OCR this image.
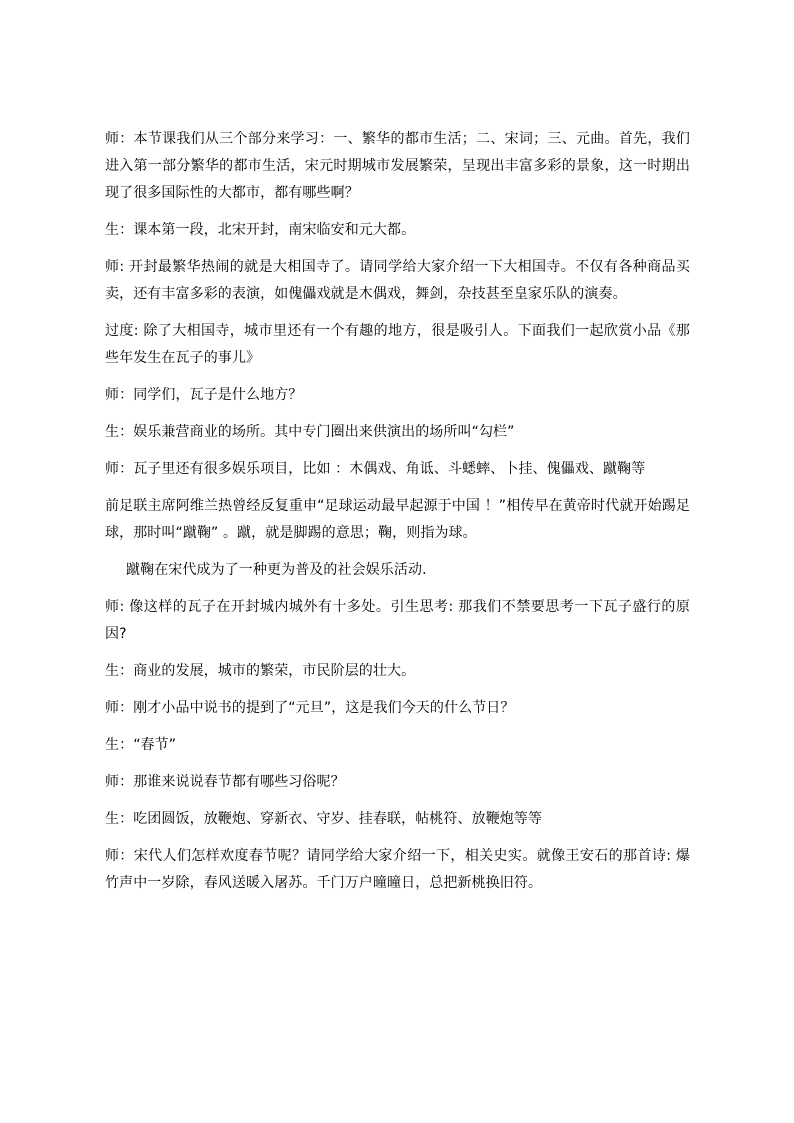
师：本节课我们从三个部分来学习：一、繁华的都市生活；二、宋词；三、元曲。首先，我们进入第一部分繁华的都市生活，宋元时期城市发展繁荣，呈现出丰富多彩的景象，这一时期出现了很多国际性的大都市，都有哪些啊？

生：课本第一段，北宋开封，南宋临安和元大都。

师: 开封最繁华热闹的就是大相国寺了。请同学给大家介绍一下大相国寺。不仅有各种商品买卖，还有丰富多彩的表演，如傀儡戏就是木偶戏，舞剑，杂技甚至皇家乐队的演奏。

过度: 除了大相国寺，城市里还有一个有趣的地方，很是吸引人。下面我们一起欣赏小品《那些年发生在瓦子的事儿》

师：同学们，瓦子是什么地方？

生：娱乐兼营商业的场所。其中专门圈出来供演出的场所叫“勾栏”

师：瓦子里还有很多娱乐项目，比如 ：木偶戏、角诋、斗蟋蟀、卜挂、傀儡戏、蹴鞠等

前足联主席阿维兰热曾经反复重申“足球运动最早起源于中国 ！”相传早在黄帝时代就开始踢足球，那时叫“蹴鞠” 。蹴，就是脚踢的意思；鞠，则指为球。

蹴鞠在宋代成为了一种更为普及的社会娱乐活动.

师: 像这样的瓦子在开封城内城外有十多处。引生思考: 那我们不禁要思考一下瓦子盛行的原因?

生：商业的发展，城市的繁荣，市民阶层的壮大。

师：刚才小品中说书的提到了“元旦”，这是我们今天的什么节日？

生：“春节”

师：那谁来说说春节都有哪些习俗呢？

生：吃团圆饭，放鞭炮、穿新衣、守岁、挂春联，帖桃符、放鞭炮等等

师：宋代人们怎样欢度春节呢？请同学给大家介绍一下，相关史实。就像王安石的那首诗: 爆竹声中一岁除，春风送暖入屠苏。千门万户曈曈日，总把新桃换旧符。
